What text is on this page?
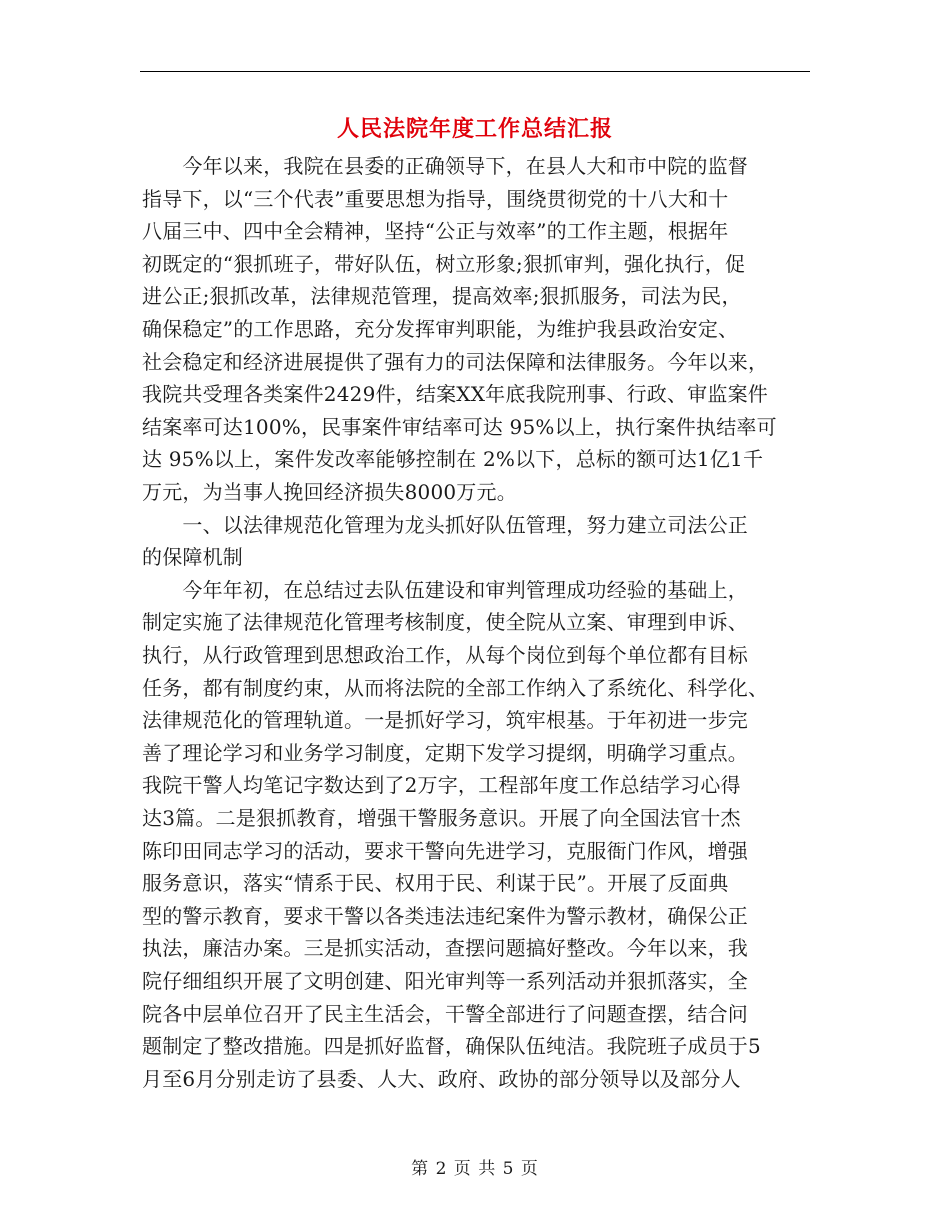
人民法院年度工作总结汇报
　　今年以来，我院在县委的正确领导下，在县人大和市中院的监督
指导下，以“三个代表”重要思想为指导，围绕贯彻党的十八大和十
八届三中、四中全会精神，坚持“公正与效率”的工作主题，根据年
初既定的“狠抓班子，带好队伍，树立形象;狠抓审判，强化执行，促
进公正;狠抓改革，法律规范管理，提高效率;狠抓服务，司法为民，
确保稳定”的工作思路，充分发挥审判职能，为维护我县政治安定、
社会稳定和经济进展提供了强有力的司法保障和法律服务。今年以来，
我院共受理各类案件2429件，结案XX年底我院刑事、行政、审监案件
结案率可达100%，民事案件审结率可达 95%以上，执行案件执结率可
达 95%以上，案件发改率能够控制在 2%以下，总标的额可达1亿1千
万元，为当事人挽回经济损失8000万元。
　　一、以法律规范化管理为龙头抓好队伍管理，努力建立司法公正
的保障机制
　　今年年初，在总结过去队伍建设和审判管理成功经验的基础上，
制定实施了法律规范化管理考核制度，使全院从立案、审理到申诉、
执行，从行政管理到思想政治工作，从每个岗位到每个单位都有目标
任务，都有制度约束，从而将法院的全部工作纳入了系统化、科学化、
法律规范化的管理轨道。一是抓好学习，筑牢根基。于年初进一步完
善了理论学习和业务学习制度，定期下发学习提纲，明确学习重点。
我院干警人均笔记字数达到了2万字，工程部年度工作总结学习心得
达3篇。二是狠抓教育，增强干警服务意识。开展了向全国法官十杰
陈印田同志学习的活动，要求干警向先进学习，克服衙门作风，增强
服务意识，落实“情系于民、权用于民、利谋于民”。开展了反面典
型的警示教育，要求干警以各类违法违纪案件为警示教材，确保公正
执法，廉洁办案。三是抓实活动，查摆问题搞好整改。今年以来，我
院仔细组织开展了文明创建、阳光审判等一系列活动并狠抓落实，全
院各中层单位召开了民主生活会，干警全部进行了问题查摆，结合问
题制定了整改措施。四是抓好监督，确保队伍纯洁。我院班子成员于5
月至6月分别走访了县委、人大、政府、政协的部分领导以及部分人
第 2 页 共 5 页
